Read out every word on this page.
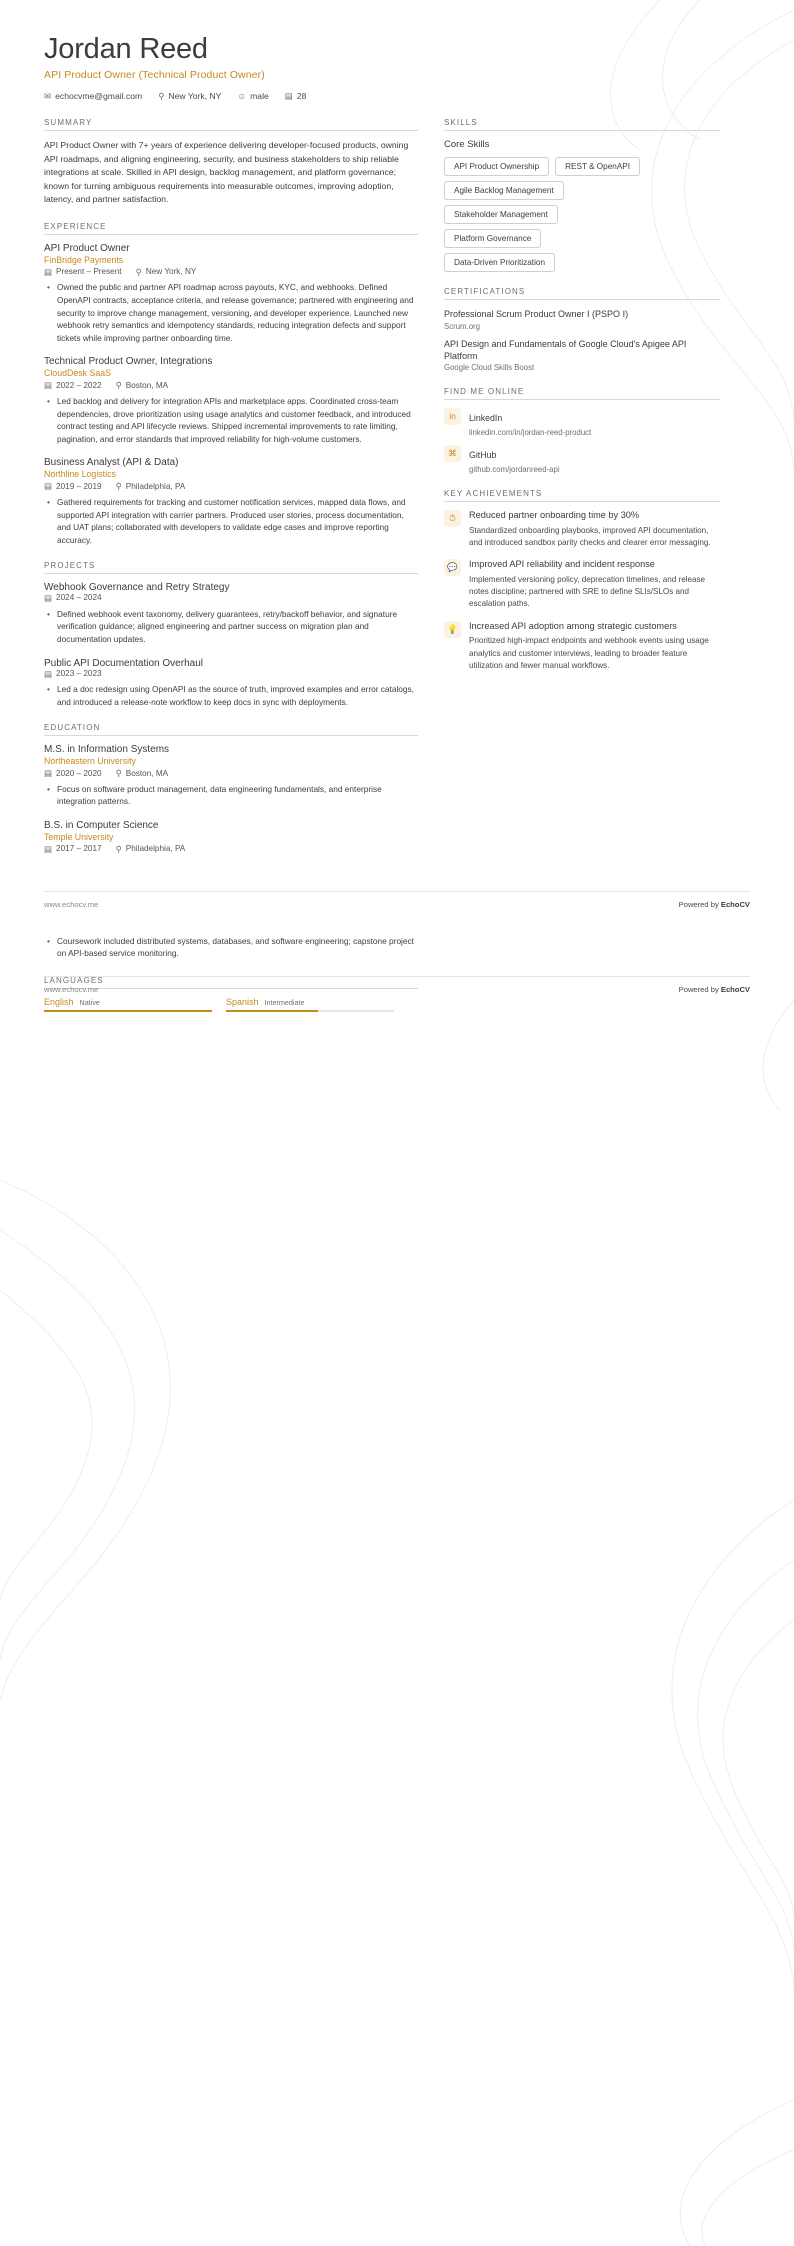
Jordan Reed
API Product Owner (Technical Product Owner)
✉ echocvme@gmail.com ⚲ New York, NY ☺ male ▤ 28
SUMMARY
API Product Owner with 7+ years of experience delivering developer-focused products, owning API roadmaps, and aligning engineering, security, and business stakeholders to ship reliable integrations at scale. Skilled in API design, backlog management, and platform governance; known for turning ambiguous requirements into measurable outcomes, improving adoption, latency, and partner satisfaction.
EXPERIENCE
API Product Owner
FinBridge Payments
▤ Present – Present ⚲ New York, NY
• Owned the public and partner API roadmap across payouts, KYC, and webhooks. Defined OpenAPI contracts, acceptance criteria, and release governance; partnered with engineering and security to improve change management, versioning, and developer experience. Launched new webhook retry semantics and idempotency standards, reducing integration defects and support tickets while improving partner onboarding time.
Technical Product Owner, Integrations
CloudDesk SaaS
▤ 2022 – 2022 ⚲ Boston, MA
• Led backlog and delivery for integration APIs and marketplace apps. Coordinated cross-team dependencies, drove prioritization using usage analytics and customer feedback, and introduced contract testing and API lifecycle reviews. Shipped incremental improvements to rate limiting, pagination, and error standards that improved reliability for high-volume customers.
Business Analyst (API & Data)
Northline Logistics
▤ 2019 – 2019 ⚲ Philadelphia, PA
• Gathered requirements for tracking and customer notification services, mapped data flows, and supported API integration with carrier partners. Produced user stories, process documentation, and UAT plans; collaborated with developers to validate edge cases and improve reporting accuracy.
PROJECTS
Webhook Governance and Retry Strategy
▤ 2024 – 2024
• Defined webhook event taxonomy, delivery guarantees, retry/backoff behavior, and signature verification guidance; aligned engineering and partner success on migration plan and documentation updates.
Public API Documentation Overhaul
▤ 2023 – 2023
• Led a doc redesign using OpenAPI as the source of truth, improved examples and error catalogs, and introduced a release-note workflow to keep docs in sync with deployments.
EDUCATION
M.S. in Information Systems
Northeastern University
▤ 2020 – 2020 ⚲ Boston, MA
• Focus on software product management, data engineering fundamentals, and enterprise integration patterns.
B.S. in Computer Science
Temple University
▤ 2017 – 2017 ⚲ Philadelphia, PA
SKILLS
Core Skills
API Product Ownership	REST & OpenAPI
Agile Backlog Management
Stakeholder Management
Platform Governance
Data-Driven Prioritization
CERTIFICATIONS
Professional Scrum Product Owner I (PSPO I)
Scrum.org
API Design and Fundamentals of Google Cloud's Apigee API Platform
Google Cloud Skills Boost
FIND ME ONLINE
in	LinkedIn
linkedin.com/in/jordan-reed-product
⌘	GitHub
github.com/jordanreed-api
KEY ACHIEVEMENTS
⏱	Reduced partner onboarding time by 30%
Standardized onboarding playbooks, improved API documentation, and introduced sandbox parity checks and clearer error messaging.
💬	Improved API reliability and incident response
Implemented versioning policy, deprecation timelines, and release notes discipline; partnered with SRE to define SLIs/SLOs and escalation paths.
💡	Increased API adoption among strategic customers
Prioritized high-impact endpoints and webhook events using usage analytics and customer interviews, leading to broader feature utilization and fewer manual workflows.
www.echocv.me	Powered by EchoCV
• Coursework included distributed systems, databases, and software engineering; capstone project on API-based service monitoring.
LANGUAGES
English Native	Spanish Intermediate
www.echocv.me	Powered by EchoCV
